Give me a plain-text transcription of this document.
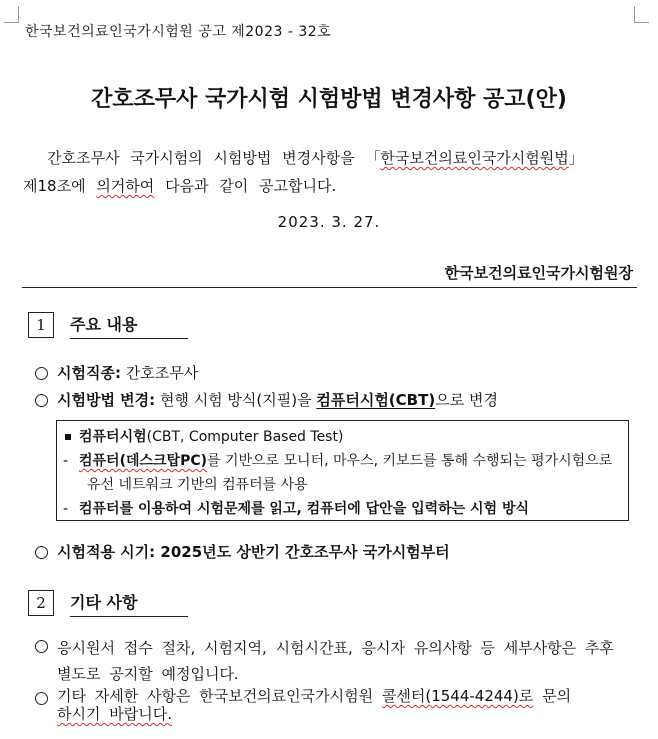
한국보건의료인국가시험원 공고 제2023 - 32호
간호조무사 국가시험 시험방법 변경사항 공고(안)
간호조무사 국가시험의 시험방법 변경사항을 「한국보건의료인국가시험원법」
제18조에 의거하여 다음과 같이 공고합니다.
2023. 3. 27.
한국보건의료인국가시험원장
1	주요 내용
시험직종: 간호조무사
시험방법 변경: 현행 시험 방식(지필)을 컴퓨터시험(CBT)으로 변경
컴퓨터시험 (CBT, Computer Based Test)
- 컴퓨터(데스크탑PC) 를 기반으로 모니터, 마우스, 키보드를 통해 수행되는 평가시험으로
유선 네트워크 기반의 컴퓨터를 사용
- 컴퓨터를 이용하여 시험문제를 읽고, 컴퓨터에 답안을 입력하는 시험 방식
시험적용 시기: 2025년도 상반기 간호조무사 국가시험부터
2	기타 사항
응시원서 접수 절차, 시험지역, 시험시간표, 응시자 유의사항 등 세부사항은 추후
별도로 공지할 예정입니다.
기타 자세한 사항은 한국보건의료인국가시험원 콜센터(1544-4244)로 문의
하시기 바랍니다.
